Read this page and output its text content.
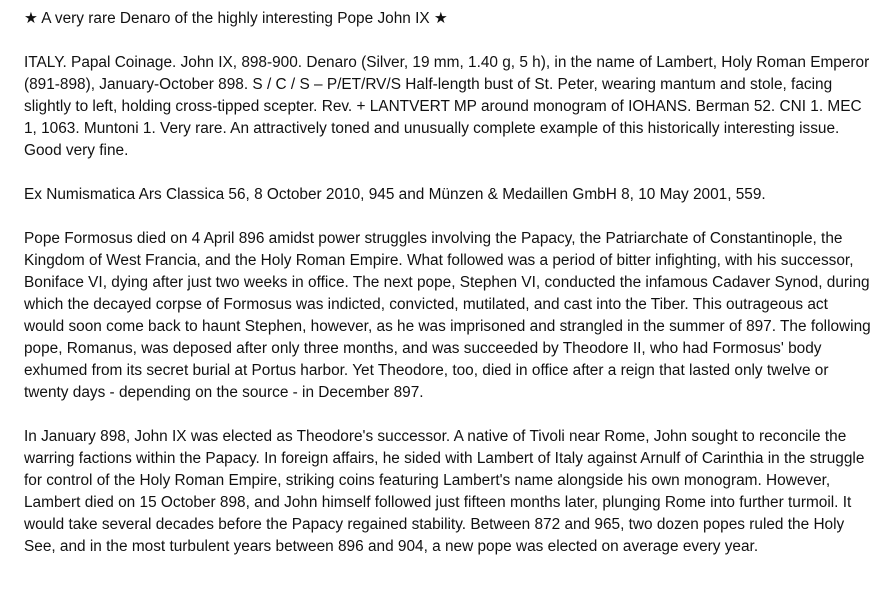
★ A very rare Denaro of the highly interesting Pope John IX ★

ITALY. Papal Coinage. John IX, 898-900. Denaro (Silver, 19 mm, 1.40 g, 5 h), in the name of Lambert, Holy Roman Emperor (891-898), January-October 898. S / C / S – P/ET/RV/S Half-length bust of St. Peter, wearing mantum and stole, facing slightly to left, holding cross-tipped scepter. Rev. + LANTVERT MP around monogram of IOHANS. Berman 52. CNI 1. MEC 1, 1063. Muntoni 1. Very rare. An attractively toned and unusually complete example of this historically interesting issue. Good very fine.

Ex Numismatica Ars Classica 56, 8 October 2010, 945 and Münzen & Medaillen GmbH 8, 10 May 2001, 559.

Pope Formosus died on 4 April 896 amidst power struggles involving the Papacy, the Patriarchate of Constantinople, the Kingdom of West Francia, and the Holy Roman Empire. What followed was a period of bitter infighting, with his successor, Boniface VI, dying after just two weeks in office. The next pope, Stephen VI, conducted the infamous Cadaver Synod, during which the decayed corpse of Formosus was indicted, convicted, mutilated, and cast into the Tiber. This outrageous act would soon come back to haunt Stephen, however, as he was imprisoned and strangled in the summer of 897. The following pope, Romanus, was deposed after only three months, and was succeeded by Theodore II, who had Formosus' body exhumed from its secret burial at Portus harbor. Yet Theodore, too, died in office after a reign that lasted only twelve or twenty days - depending on the source - in December 897.

In January 898, John IX was elected as Theodore's successor. A native of Tivoli near Rome, John sought to reconcile the warring factions within the Papacy. In foreign affairs, he sided with Lambert of Italy against Arnulf of Carinthia in the struggle for control of the Holy Roman Empire, striking coins featuring Lambert's name alongside his own monogram. However, Lambert died on 15 October 898, and John himself followed just fifteen months later, plunging Rome into further turmoil. It would take several decades before the Papacy regained stability. Between 872 and 965, two dozen popes ruled the Holy See, and in the most turbulent years between 896 and 904, a new pope was elected on average every year.
